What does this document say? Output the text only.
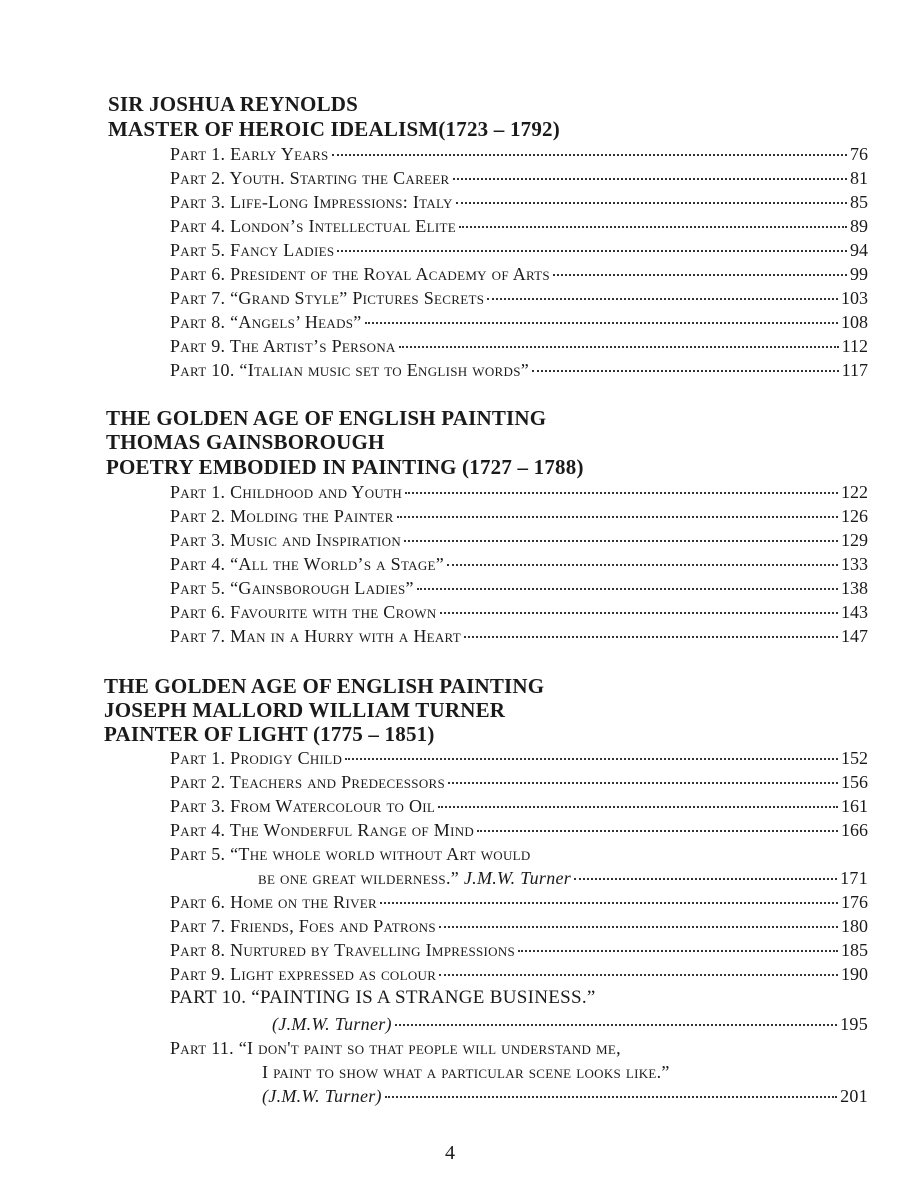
SIR JOSHUA REYNOLDS
MASTER OF HEROIC IDEALISM(1723 – 1792)
Part 1. Early Years	76
Part 2. Youth. Starting the Career	81
Part 3. Life-Long Impressions: Italy	85
Part 4. London’s Intellectual Elite	89
Part 5. Fancy Ladies	94
Part 6. President of the Royal Academy of Arts	99
Part 7. “Grand Style” Pictures Secrets	103
Part 8. “Angels’ Heads”	108
Part 9. The Artist’s Persona	112
Part 10. “Italian music set to English words”	117
THE GOLDEN AGE OF ENGLISH PAINTING
THOMAS GAINSBOROUGH
POETRY EMBODIED IN PAINTING (1727 – 1788)
Part 1. Childhood and Youth	122
Part 2. Molding the Painter	126
Part 3. Music and Inspiration	129
Part 4. “All the World’s a Stage”	133
Part 5. “Gainsborough Ladies”	138
Part 6. Favourite with the Crown	143
Part 7. Man in a Hurry with a Heart	147
THE GOLDEN AGE OF ENGLISH PAINTING
JOSEPH MALLORD WILLIAM TURNER
PAINTER OF LIGHT (1775 – 1851)
Part 1. Prodigy Child	152
Part 2. Teachers and Predecessors	156
Part 3. From Watercolour to Oil	161
Part 4. The Wonderful Range of Mind	166
Part 5. “The whole world without Art would
be one great wilderness.” J.M.W. Turner	171
Part 6. Home on the River	176
Part 7. Friends, Foes and Patrons	180
Part 8. Nurtured by Travelling Impressions	185
Part 9. Light expressed as colour	190
PART 10. “PAINTING IS A STRANGE BUSINESS.”
(J.M.W. Turner)	195
Part 11. “I don't paint so that people will understand me,
I paint to show what a particular scene looks like.”
(J.M.W. Turner)	201
4
